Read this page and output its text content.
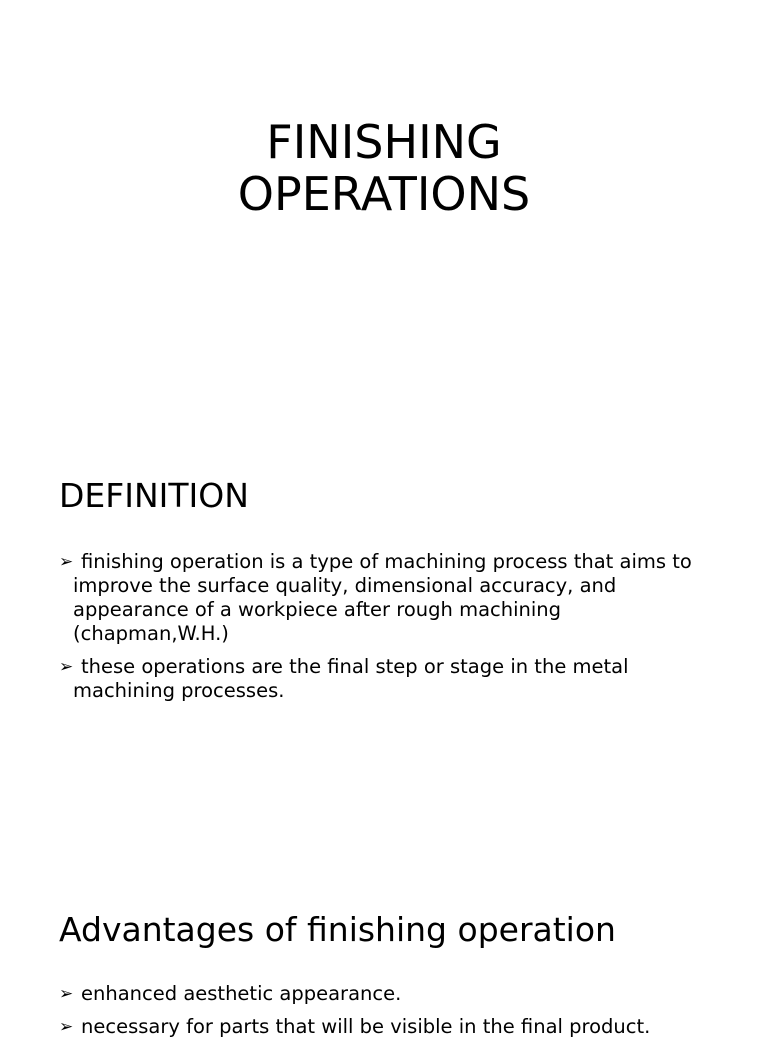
FINISHING
OPERATIONS
DEFINITION
➢ finishing operation is a type of machining process that aims to improve the surface quality, dimensional accuracy, and appearance of a workpiece after rough machining (chapman,W.H.)
➢ these operations are the final step or stage in the metal machining processes.
Advantages of finishing operation
➢ enhanced aesthetic appearance.
➢ necessary for parts that will be visible in the final product.
